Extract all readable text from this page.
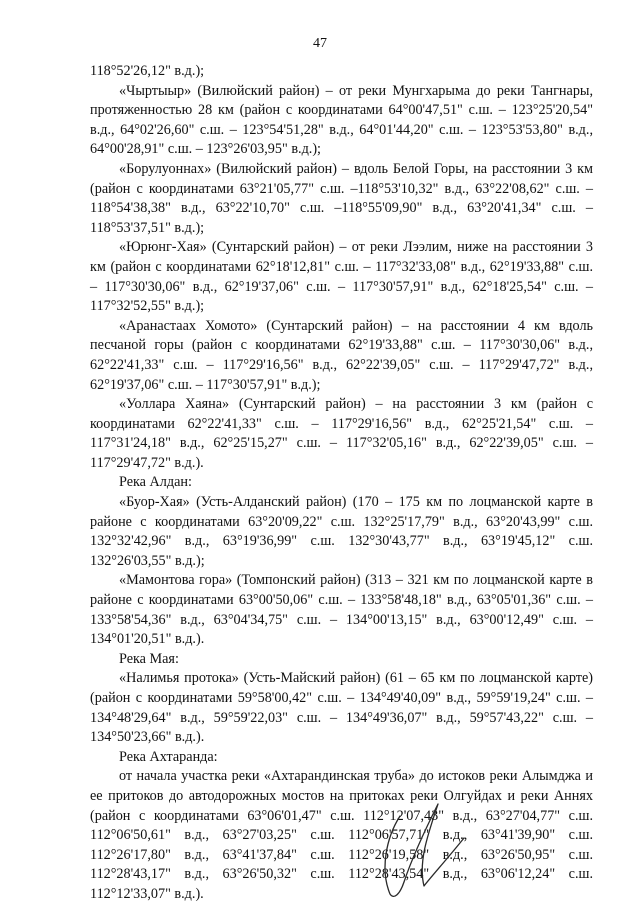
47

118°52'26,12" в.д.);

«Чыртыыр» (Вилюйский район) – от реки Мунгхарыма до реки Тангнары, протяженностью 28 км (район с координатами 64°00'47,51" с.ш. – 123°25'20,54" в.д., 64°02'26,60" с.ш. – 123°54'51,28" в.д., 64°01'44,20" с.ш. – 123°53'53,80" в.д., 64°00'28,91" с.ш. – 123°26'03,95" в.д.);

«Борулуоннах» (Вилюйский район) – вдоль Белой Горы, на расстоянии 3 км (район с координатами 63°21'05,77" с.ш. –118°53'10,32" в.д., 63°22'08,62" с.ш. – 118°54'38,38" в.д., 63°22'10,70" с.ш. –118°55'09,90" в.д., 63°20'41,34" с.ш. – 118°53'37,51" в.д.);

«Юрюнг-Хая» (Сунтарский район) – от реки Лээлим, ниже на расстоянии 3 км (район с координатами 62°18'12,81" с.ш. – 117°32'33,08" в.д., 62°19'33,88" с.ш. – 117°30'30,06" в.д., 62°19'37,06" с.ш. – 117°30'57,91" в.д., 62°18'25,54" с.ш. – 117°32'52,55" в.д.);

«Аранастаах Хомото» (Сунтарский район) – на расстоянии 4 км вдоль песчаной горы (район с координатами 62°19'33,88" с.ш. – 117°30'30,06" в.д., 62°22'41,33" с.ш. – 117°29'16,56" в.д., 62°22'39,05" с.ш. – 117°29'47,72" в.д., 62°19'37,06" с.ш. – 117°30'57,91" в.д.);

«Уоллара Хаяна» (Сунтарский район) – на расстоянии 3 км (район с координатами 62°22'41,33" с.ш. – 117°29'16,56" в.д., 62°25'21,54" с.ш. – 117°31'24,18" в.д., 62°25'15,27" с.ш. – 117°32'05,16" в.д., 62°22'39,05" с.ш. – 117°29'47,72" в.д.).

Река Алдан:

«Буор-Хая» (Усть-Алданский район) (170 – 175 км по лоцманской карте в районе с координатами 63°20'09,22" с.ш. 132°25'17,79" в.д., 63°20'43,99" с.ш. 132°32'42,96" в.д., 63°19'36,99" с.ш. 132°30'43,77" в.д., 63°19'45,12" с.ш. 132°26'03,55" в.д.);

«Мамонтова гора» (Томпонский район) (313 – 321 км по лоцманской карте в районе с координатами 63°00'50,06" с.ш. – 133°58'48,18" в.д., 63°05'01,36" с.ш. – 133°58'54,36" в.д., 63°04'34,75" с.ш. – 134°00'13,15" в.д., 63°00'12,49" с.ш. – 134°01'20,51" в.д.).

Река Мая:

«Налимья протока» (Усть-Майский район) (61 – 65 км по лоцманской карте) (район с координатами 59°58'00,42" с.ш. – 134°49'40,09" в.д., 59°59'19,24" с.ш. – 134°48'29,64" в.д., 59°59'22,03" с.ш. – 134°49'36,07" в.д., 59°57'43,22" с.ш. – 134°50'23,66" в.д.).

Река Ахтаранда:

от начала участка реки «Ахтарандинская труба» до истоков реки Алымджа и ее притоков до автодорожных мостов на притоках реки Олгуйдах и реки Аннях (район с координатами 63°06'01,47" с.ш. 112°12'07,43" в.д., 63°27'04,77" с.ш. 112°06'50,61" в.д., 63°27'03,25" с.ш. 112°06'57,71" в.д., 63°41'39,90" с.ш. 112°26'17,80" в.д., 63°41'37,84" с.ш. 112°26'19,58" в.д., 63°26'50,95" с.ш. 112°28'43,17" в.д., 63°26'50,32" с.ш. 112°28'43,54" в.д., 63°06'12,24" с.ш. 112°12'33,07" в.д.).
